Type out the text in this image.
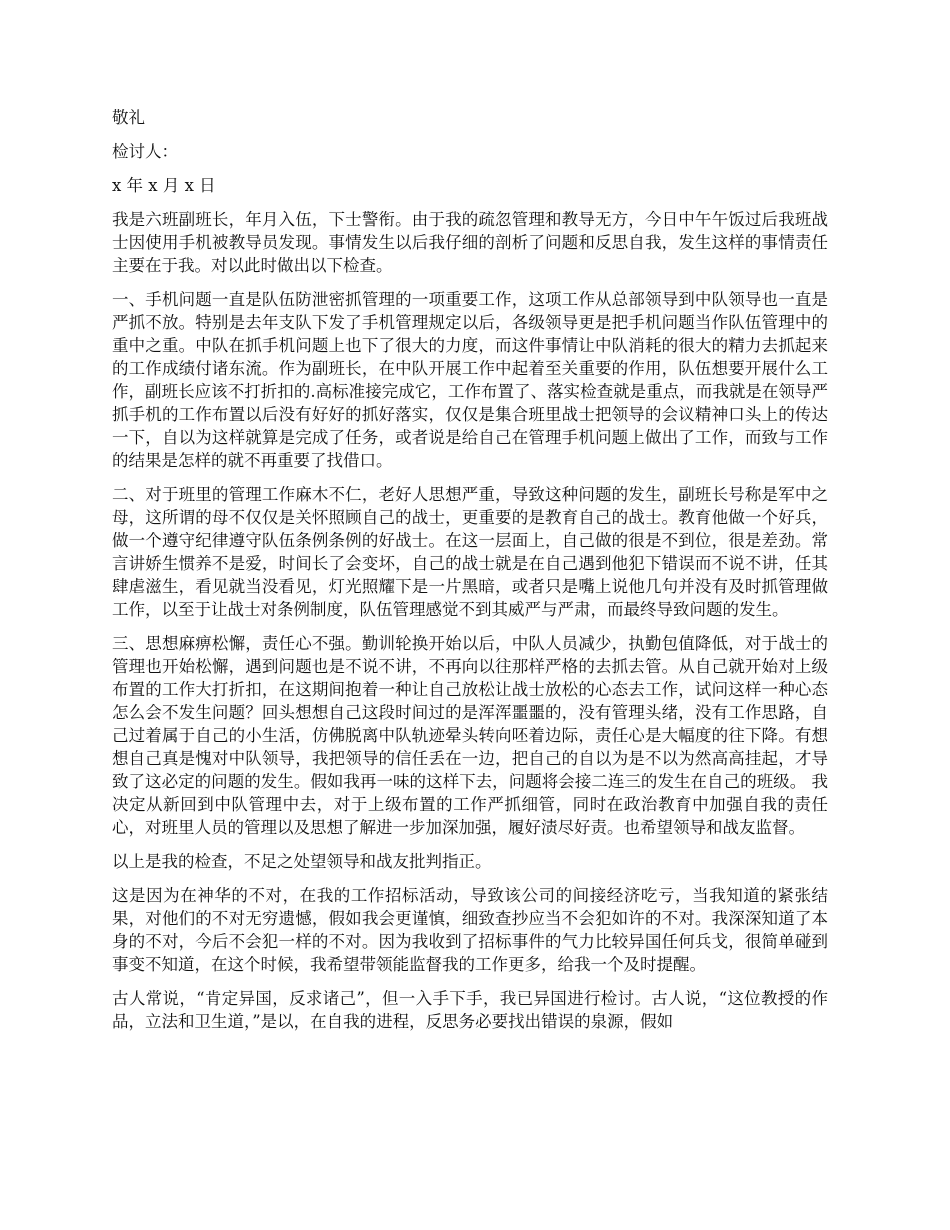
敬礼
检讨人：
x 年 x 月 x 日

我是六班副班长，年月入伍，下士警衔。由于我的疏忽管理和教导无方，今日中午午饭过后我班战士因使用手机被教导员发现。事情发生以后我仔细的剖析了问题和反思自我，发生这样的事情责任主要在于我。对以此时做出以下检查。

一、手机问题一直是队伍防泄密抓管理的一项重要工作，这项工作从总部领导到中队领导也一直是严抓不放。特别是去年支队下发了手机管理规定以后，各级领导更是把手机问题当作队伍管理中的重中之重。中队在抓手机问题上也下了很大的力度，而这件事情让中队消耗的很大的精力去抓起来的工作成绩付诸东流。作为副班长，在中队开展工作中起着至关重要的作用，队伍想要开展什么工作，副班长应该不打折扣的.高标准接完成它，工作布置了、落实检查就是重点，而我就是在领导严抓手机的工作布置以后没有好好的抓好落实，仅仅是集合班里战士把领导的会议精神口头上的传达一下，自以为这样就算是完成了任务，或者说是给自己在管理手机问题上做出了工作，而致与工作的结果是怎样的就不再重要了找借口。

二、对于班里的管理工作麻木不仁，老好人思想严重，导致这种问题的发生，副班长号称是军中之母，这所谓的母不仅仅是关怀照顾自己的战士，更重要的是教育自己的战士。教育他做一个好兵，做一个遵守纪律遵守队伍条例条例的好战士。在这一层面上，自己做的很是不到位，很是差劲。常言讲娇生惯养不是爱，时间长了会变坏，自己的战士就是在自己遇到他犯下错误而不说不讲，任其肆虐滋生，看见就当没看见，灯光照耀下是一片黑暗，或者只是嘴上说他几句并没有及时抓管理做工作，以至于让战士对条例制度，队伍管理感觉不到其威严与严肃，而最终导致问题的发生。

三、思想麻痹松懈，责任心不强。勤训轮换开始以后，中队人员减少，执勤包值降低，对于战士的管理也开始松懈，遇到问题也是不说不讲，不再向以往那样严格的去抓去管。从自己就开始对上级布置的工作大打折扣，在这期间抱着一种让自己放松让战士放松的心态去工作，试问这样一种心态怎么会不发生问题？回头想想自己这段时间过的是浑浑噩噩的，没有管理头绪，没有工作思路，自己过着属于自己的小生活，仿佛脱离中队轨迹晕头转向呸着边际，责任心是大幅度的往下降。有想想自己真是愧对中队领导，我把领导的信任丢在一边，把自己的自以为是不以为然高高挂起，才导致了这必定的问题的发生。假如我再一味的这样下去，问题将会接二连三的发生在自己的班级。 我决定从新回到中队管理中去，对于上级布置的工作严抓细管，同时在政治教育中加强自我的责任心，对班里人员的管理以及思想了解进一步加深加强，履好渍尽好责。也希望领导和战友监督。

以上是我的检查，不足之处望领导和战友批判指正。

这是因为在神华的不对，在我的工作招标活动，导致该公司的间接经济吃亏，当我知道的紧张结果，对他们的不对无穷遗憾，假如我会更谨慎，细致查抄应当不会犯如许的不对。我深深知道了本身的不对，今后不会犯一样的不对。因为我收到了招标事件的气力比较异国任何兵戈，很简单碰到事变不知道，在这个时候，我希望带领能监督我的工作更多，给我一个及时提醒。

古人常说，“肯定异国，反求诸己”，但一入手下手，我已异国进行检讨。古人说，“这位教授的作品，立法和卫生道，”是以，在自我的进程，反思务必要找出错误的泉源，假如
